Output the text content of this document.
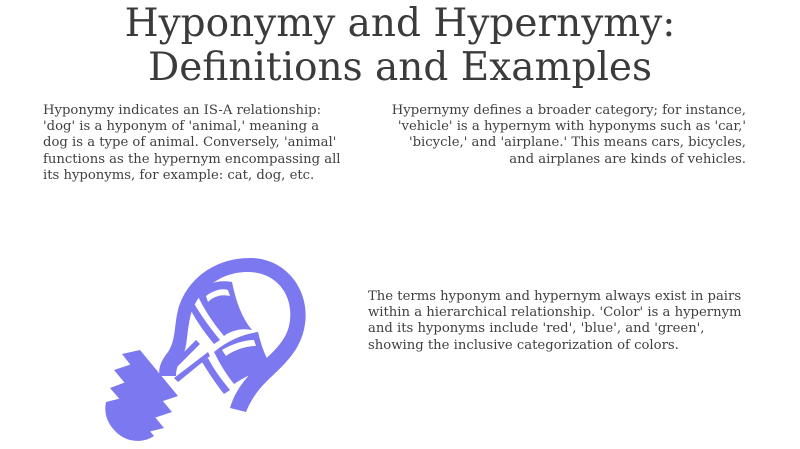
Hyponymy and Hypernymy:
Definitions and Examples
Hyponymy indicates an IS-A relationship: 'dog' is a hyponym of 'animal,' meaning a dog is a type of animal. Conversely, 'animal' functions as the hypernym encompassing all its hyponyms, for example: cat, dog, etc.
Hypernymy defines a broader category; for instance, 'vehicle' is a hypernym with hyponyms such as 'car,' 'bicycle,' and 'airplane.' This means cars, bicycles, and airplanes are kinds of vehicles.
The terms hyponym and hypernym always exist in pairs within a hierarchical relationship. 'Color' is a hypernym and its hyponyms include 'red', 'blue', and 'green', showing the inclusive categorization of colors.
